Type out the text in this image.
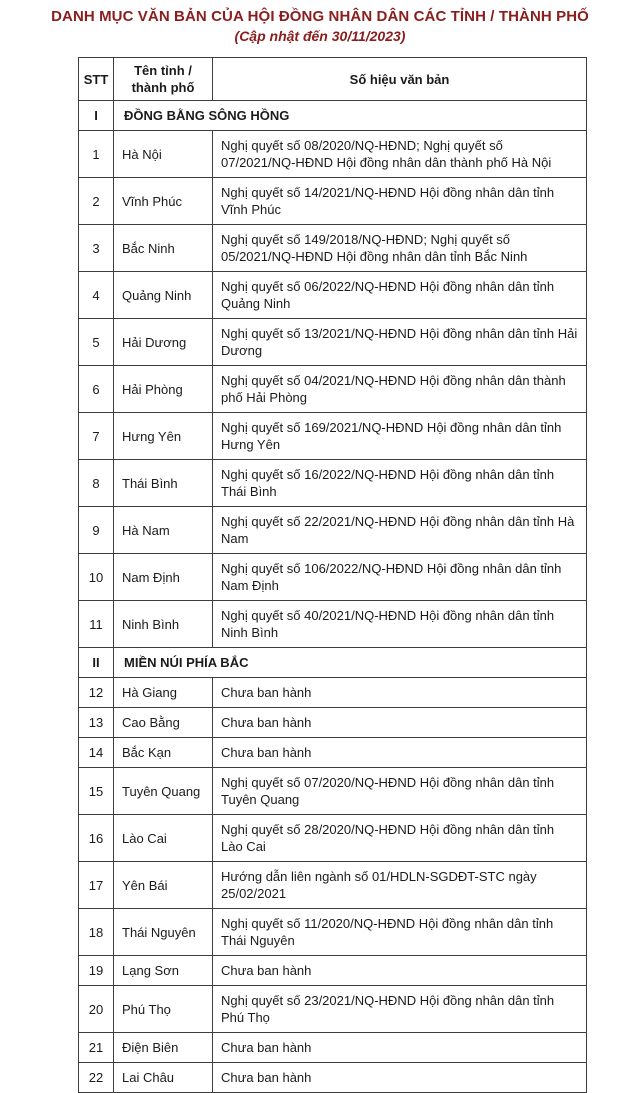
DANH MỤC VĂN BẢN CỦA HỘI ĐỒNG NHÂN DÂN CÁC TỈNH / THÀNH PHỐ
(Cập nhật đến 30/11/2023)
STT	Tên tỉnh / thành phố	Số hiệu văn bản
I	ĐỒNG BẰNG SÔNG HỒNG	
1	Hà Nội	Nghị quyết số 08/2020/NQ-HĐND; Nghị quyết số 07/2021/NQ-HĐND Hội đồng nhân dân thành phố Hà Nội
2	Vĩnh Phúc	Nghị quyết số 14/2021/NQ-HĐND Hội đồng nhân dân tỉnh Vĩnh Phúc
3	Bắc Ninh	Nghị quyết số 149/2018/NQ-HĐND; Nghị quyết số 05/2021/NQ-HĐND Hội đồng nhân dân tỉnh Bắc Ninh
4	Quảng Ninh	Nghị quyết số 06/2022/NQ-HĐND Hội đồng nhân dân tỉnh Quảng Ninh
5	Hải Dương	Nghị quyết số 13/2021/NQ-HĐND Hội đồng nhân dân tỉnh Hải Dương
6	Hải Phòng	Nghị quyết số 04/2021/NQ-HĐND Hội đồng nhân dân thành phố Hải Phòng
7	Hưng Yên	Nghị quyết số 169/2021/NQ-HĐND Hội đồng nhân dân tỉnh Hưng Yên
8	Thái Bình	Nghị quyết số 16/2022/NQ-HĐND Hội đồng nhân dân tỉnh Thái Bình
9	Hà Nam	Nghị quyết số 22/2021/NQ-HĐND Hội đồng nhân dân tỉnh Hà Nam
10	Nam Định	Nghị quyết số 106/2022/NQ-HĐND Hội đồng nhân dân tỉnh Nam Định
11	Ninh Bình	Nghị quyết số 40/2021/NQ-HĐND Hội đồng nhân dân tỉnh Ninh Bình
II	MIỀN NÚI PHÍA BẮC	
12	Hà Giang	Chưa ban hành
13	Cao Bằng	Chưa ban hành
14	Bắc Kạn	Chưa ban hành
15	Tuyên Quang	Nghị quyết số 07/2020/NQ-HĐND Hội đồng nhân dân tỉnh Tuyên Quang
16	Lào Cai	Nghị quyết số 28/2020/NQ-HĐND Hội đồng nhân dân tỉnh Lào Cai
17	Yên Bái	Hướng dẫn liên ngành số 01/HDLN-SGDĐT-STC ngày 25/02/2021
18	Thái Nguyên	Nghị quyết số 11/2020/NQ-HĐND Hội đồng nhân dân tỉnh Thái Nguyên
19	Lạng Sơn	Chưa ban hành
20	Phú Thọ	Nghị quyết số 23/2021/NQ-HĐND Hội đồng nhân dân tỉnh Phú Thọ
21	Điện Biên	Chưa ban hành
22	Lai Châu	Chưa ban hành
